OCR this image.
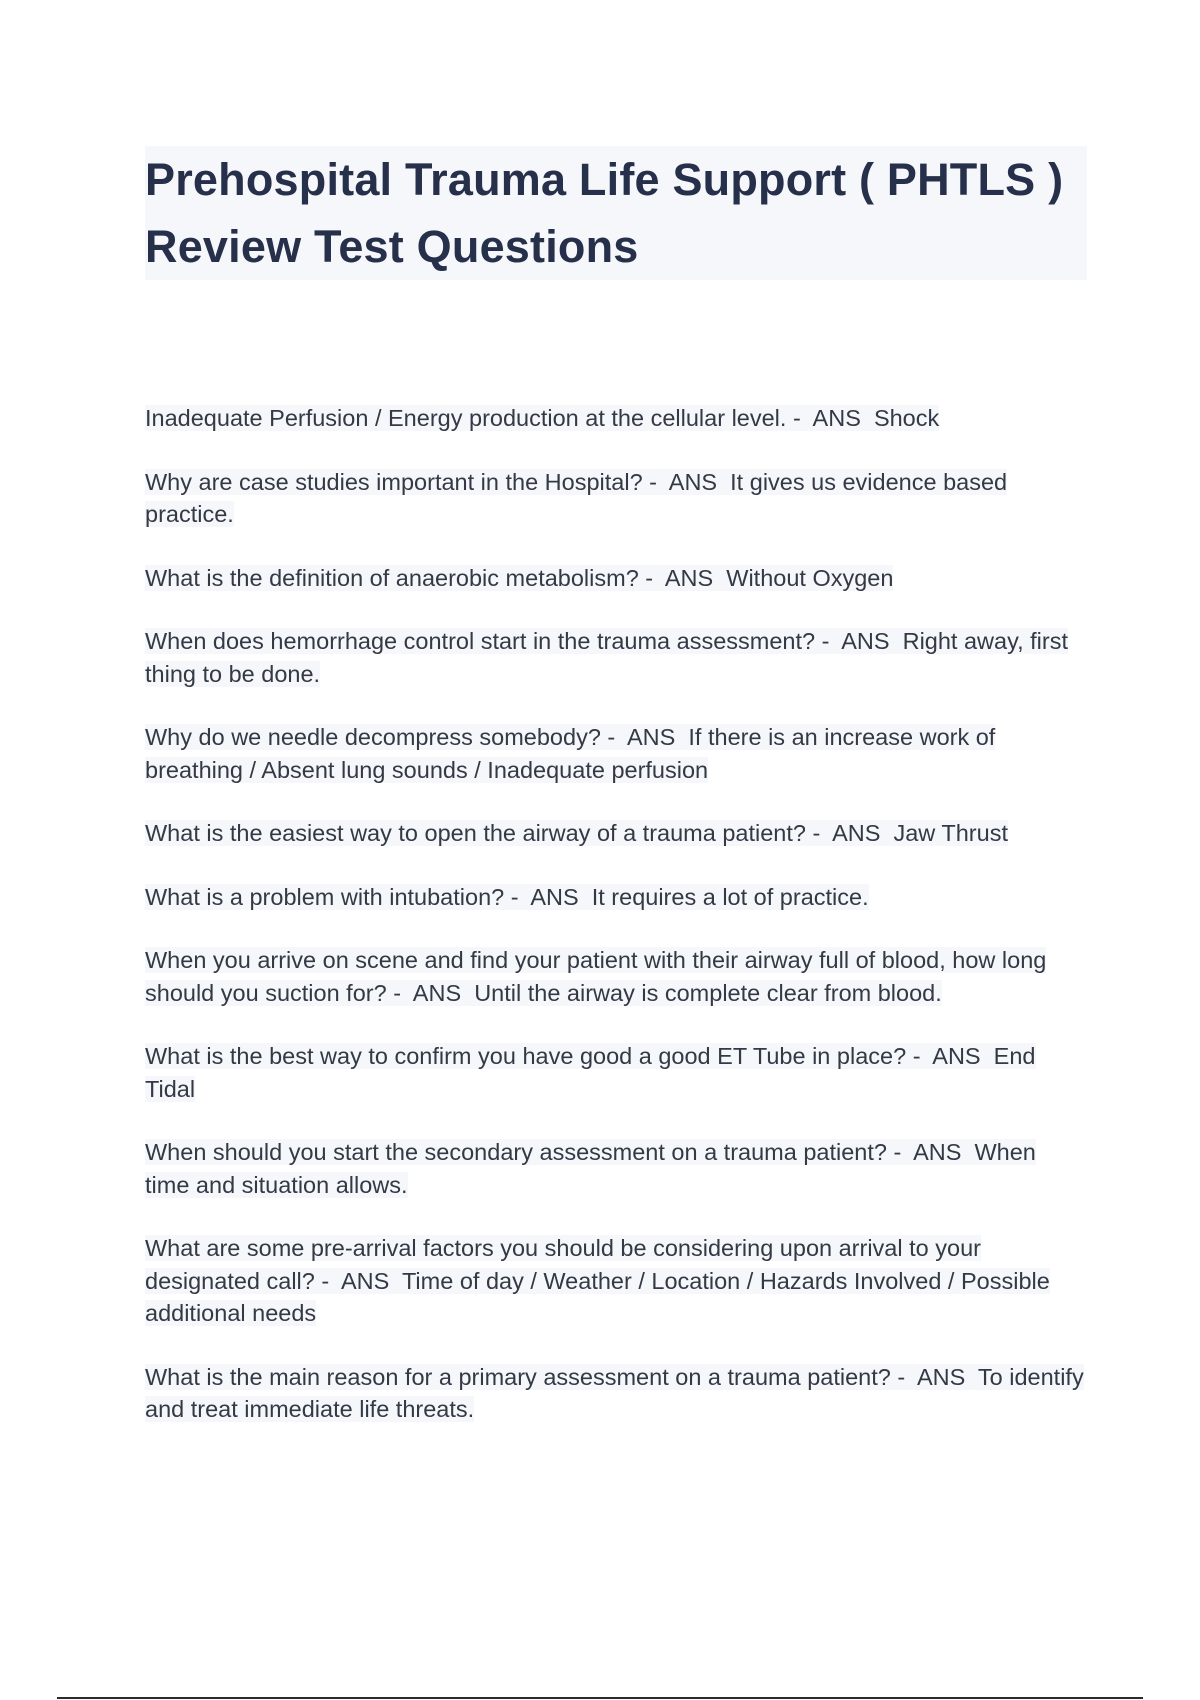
Prehospital Trauma Life Support ( PHTLS )
Review Test Questions

Inadequate Perfusion / Energy production at the cellular level. -  ANS  Shock

Why are case studies important in the Hospital? -  ANS  It gives us evidence based practice.

What is the definition of anaerobic metabolism? -  ANS  Without Oxygen

When does hemorrhage control start in the trauma assessment? -  ANS  Right away, first thing to be done.

Why do we needle decompress somebody? -  ANS  If there is an increase work of breathing / Absent lung sounds / Inadequate perfusion

What is the easiest way to open the airway of a trauma patient? -  ANS  Jaw Thrust

What is a problem with intubation? -  ANS  It requires a lot of practice.

When you arrive on scene and find your patient with their airway full of blood, how long should you suction for? -  ANS  Until the airway is complete clear from blood.

What is the best way to confirm you have good a good ET Tube in place? -  ANS  End Tidal

When should you start the secondary assessment on a trauma patient? -  ANS  When time and situation allows.

What are some pre-arrival factors you should be considering upon arrival to your designated call? -  ANS  Time of day / Weather / Location / Hazards Involved / Possible additional needs

What is the main reason for a primary assessment on a trauma patient? -  ANS  To identify and treat immediate life threats.
